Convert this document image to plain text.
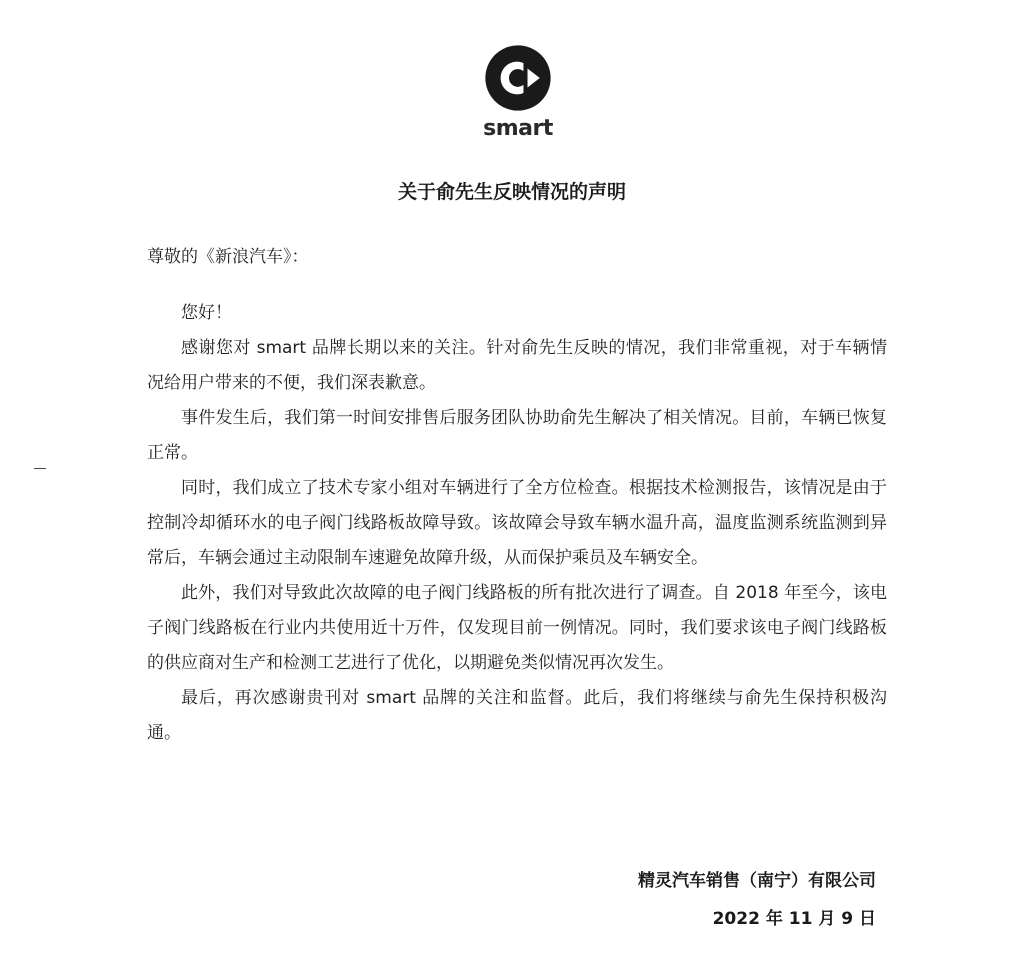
smart
关于俞先生反映情况的声明
尊敬的《新浪汽车》：

您好！

感谢您对 smart 品牌长期以来的关注。针对俞先生反映的情况，我们非常重视，对于车辆情况给用户带来的不便，我们深表歉意。

事件发生后，我们第一时间安排售后服务团队协助俞先生解决了相关情况。目前，车辆已恢复正常。

同时，我们成立了技术专家小组对车辆进行了全方位检查。根据技术检测报告，该情况是由于控制冷却循环水的电子阀门线路板故障导致。该故障会导致车辆水温升高，温度监测系统监测到异常后，车辆会通过主动限制车速避免故障升级，从而保护乘员及车辆安全。

此外，我们对导致此次故障的电子阀门线路板的所有批次进行了调查。自 2018 年至今，该电子阀门线路板在行业内共使用近十万件，仅发现目前一例情况。同时，我们要求该电子阀门线路板的供应商对生产和检测工艺进行了优化，以期避免类似情况再次发生。

最后，再次感谢贵刊对 smart 品牌的关注和监督。此后，我们将继续与俞先生保持积极沟通。

精灵汽车销售（南宁）有限公司
2022 年 11 月 9 日
